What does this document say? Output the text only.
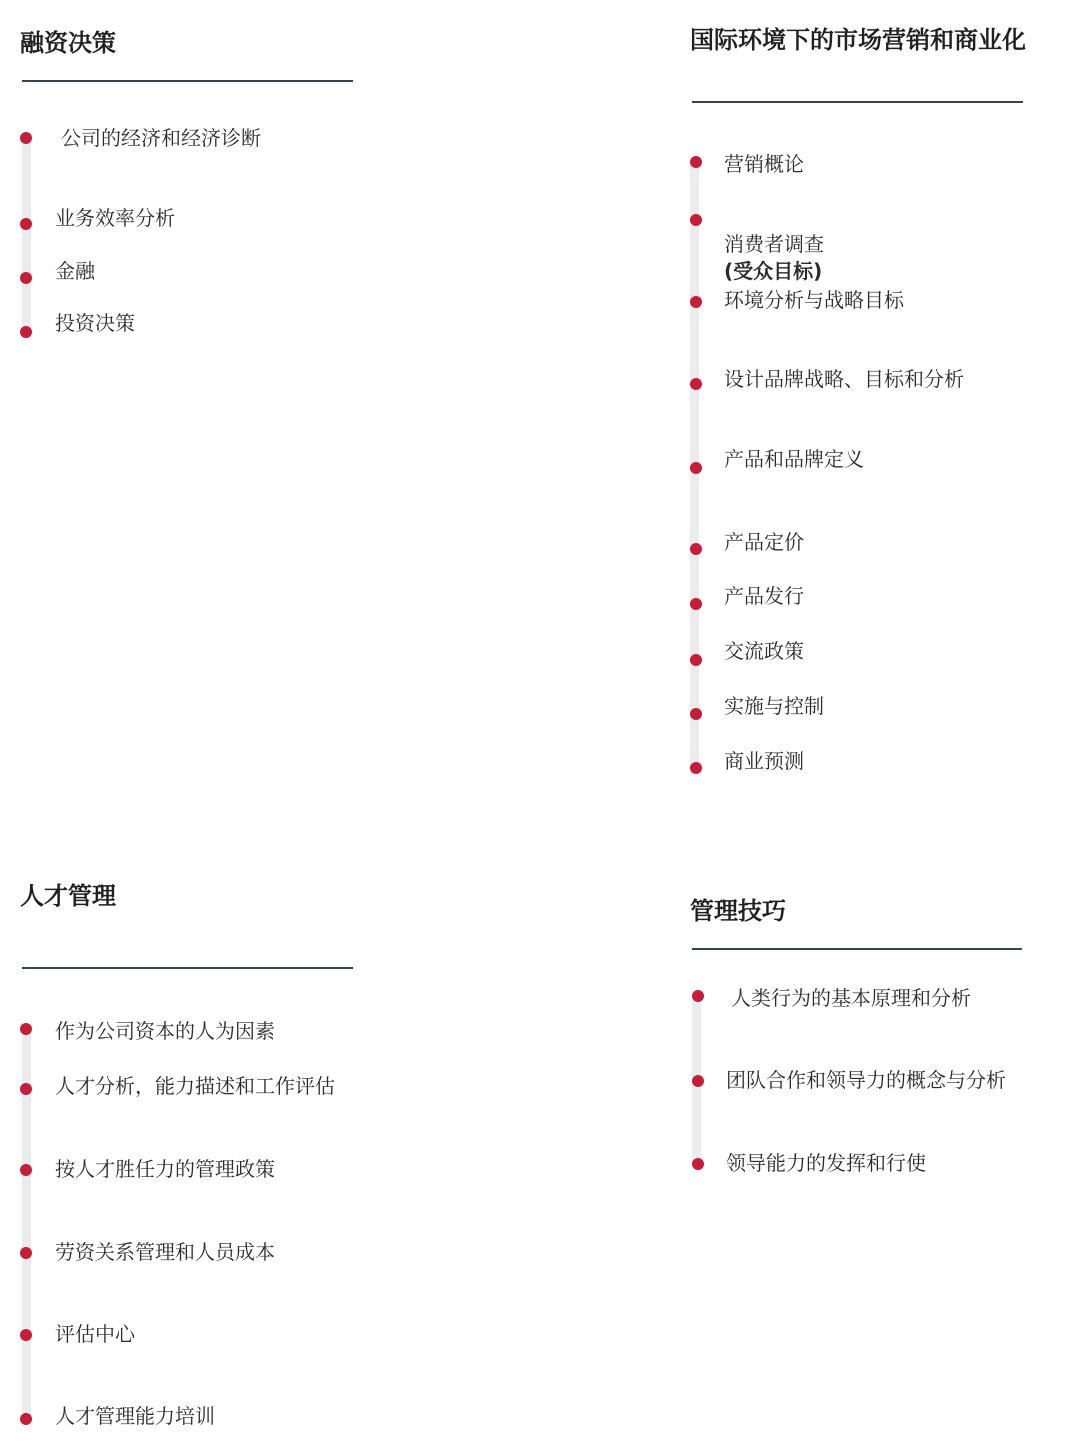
融资决策
公司的经济和经济诊断
业务效率分析
金融
投资决策
国际环境下的市场营销和商业化
营销概论

消费者调查

(受众目标)

环境分析与战略目标
设计品牌战略、目标和分析
产品和品牌定义
产品定价
产品发行
交流政策
实施与控制
商业预测
人才管理
作为公司资本的人为因素
人才分析，能力描述和工作评估
按人才胜任力的管理政策
劳资关系管理和人员成本
评估中心
人才管理能力培训
管理技巧
人类行为的基本原理和分析
团队合作和领导力的概念与分析
领导能力的发挥和行使
